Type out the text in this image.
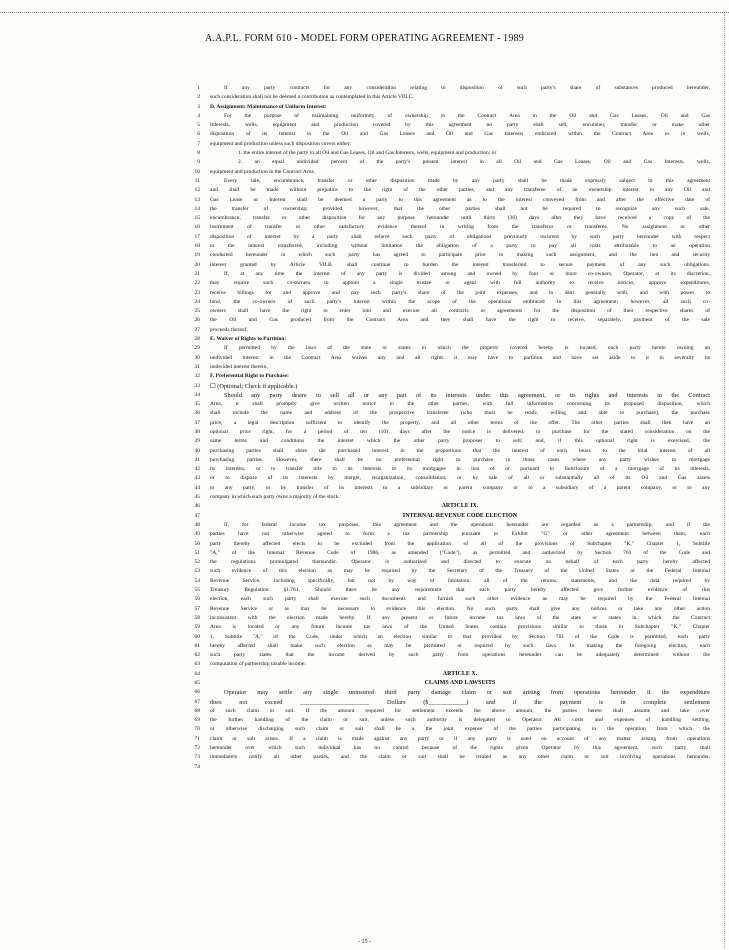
A.A.P.L. FORM 610 - MODEL FORM OPERATING AGREEMENT - 1989
1	If any party contracts for any consideration relating to disposition of such party's share of substances produced hereunder,
2 such consideration shall not be deemed a contribution as contemplated in this Article VIII.C.
3 D. Assignment; Maintenance of Uniform Interest:
4	For the purpose of maintaining uniformity of ownership in the Contract Area in the Oil and Gas Leases, Oil and Gas
5 Interests, wells, equipment and production covered by this agreement no party shall sell, encumber, transfer or make other
6 disposition of its interest in the Oil and Gas Leases and Oil and Gas Interests embraced within the Contract Area or in wells,
7 equipment and production unless such disposition covers either:
8	1. the entire interest of the party in all Oil and Gas Leases, Oil and Gas Interests, wells, equipment and production; or
9	2. an equal undivided percent of the party's present interest in all Oil and Gas Leases, Oil and Gas Interests, wells,
10 equipment and production in the Contract Area.
11	Every sale, encumbrance, transfer or other disposition made by any party shall be made expressly subject to this agreement
12 and shall be made without prejudice to the right of the other parties, and any transferee of an ownership interest in any Oil and
13 Gas Lease or Interest shall be deemed a party to this agreement as to the interest conveyed from and after the effective date of
14 the transfer of ownership; provided, however, that the other parties shall not be required to recognize any such sale,
15 encumbrance, transfer or other disposition for any purpose hereunder until thirty (30) days after they have received a copy of the
16 instrument of transfer or other satisfactory evidence thereof in writing from the transferor or transferee. No assignment or other
17 disposition of interest by a party shall relieve such party of obligations previously incurred by such party hereunder with respect
18 to the interest transferred, including without limitation the obligation of a party to pay all costs attributable to an operation
19 conducted hereunder in which such party has agreed to participate prior to making such assignment, and the lien and security
20 interest granted by Article VII.B. shall continue to burden the interest transferred to secure payment of any such obligations.
21	If, at any time the interest of any party is divided among and owned by four or more co-owners, Operator, at its discretion,
22 may require such co-owners to appoint a single trustee or agent with full authority to receive notices, approve expenditures,
23 receive billings for and approve and pay such party's share of the joint expenses, and to deal generally with, and with power to
24 bind, the co-owners of such party's interest within the scope of the operations embraced in this agreement; however, all such co-
25 owners shall have the right to enter into and execute all contracts or agreements for the disposition of their respective shares of
26 the Oil and Gas produced from the Contract Area and they shall have the right to receive, separately, payment of the sale
27 proceeds thereof.
28 E. Waiver of Rights to Partition:
29	If permitted by the laws of the state or states in which the property covered hereby is located, each party hereto owning an
30 undivided interest in the Contract Area waives any and all rights it may have to partition and have set aside to it in severalty its
31 undivided interest therein.
32 F. Preferential Right to Purchase:
33 ☐ (Optional; Check if applicable.)
34	Should any party desire to sell all or any part of its interests under this agreement, or its rights and interests in the Contract
35 Area, it shall promptly give written notice to the other parties, with full information concerning its proposed disposition, which
36 shall include the name and address of the prospective transferee (who must be ready, willing and able to purchase), the purchase
37 price, a legal description sufficient to identify the property, and all other terms of the offer. The other parties shall then have an
38 optional prior right, for a period of ten (10) days after the notice is delivered, to purchase for the stated consideration on the
39 same terms and conditions the interest which the other party proposes to sell; and, if this optional right is exercised, the
40 purchasing parties shall share the purchased interest in the proportions that the interest of each bears to the total interest of all
41 purchasing parties. However, there shall be no preferential right to purchase in those cases where any party wishes to mortgage
42 its interests, or to transfer title to its interests to its mortgagee in lieu of or pursuant to foreclosure of a mortgage of its interests,
43 or to dispose of its interests by merger, reorganization, consolidation, or by sale of all or substantially all of its Oil and Gas assets
44 to any party, or by transfer of its interests to a subsidiary or parent company or to a subsidiary of a parent company, or to any
45 company in which such party owns a majority of the stock.
46	ARTICLE IX.
47	INTERNAL REVENUE CODE ELECTION
48	If, for federal income tax purposes, this agreement and the operations hereunder are regarded as a partnership, and if the
49 parties have not otherwise agreed to form a tax partnership pursuant to Exhibit "G" or other agreement between them, each
50 party thereby affected elects to be excluded from the application of all of the provisions of Subchapter "K," Chapter 1, Subtitle
51 "A," of the Internal Revenue Code of 1986, as amended ("Code"), as permitted and authorized by Section 761 of the Code and
52 the regulations promulgated thereunder. Operator is authorized and directed to execute on behalf of each party hereby affected
53 such evidence of this election as may be required by the Secretary of the Treasury of the United States or the Federal Internal
54 Revenue Service, including specifically, but not by way of limitation, all of the returns, statements, and the data required by
55 Treasury Regulation §1.761. Should there be any requirement that each party hereby affected give further evidence of this
56 election, each such party shall execute such documents and furnish such other evidence as may be required by the Federal Internal
57 Revenue Service or as may be necessary to evidence this election. No such party shall give any notices or take any other action
58 inconsistent with the election made hereby. If any present or future income tax laws of the state or states in which the Contract
59 Area is located or any future income tax laws of the United States contain provisions similar to those in Subchapter "K," Chapter
60 1, Subtitle "A," of the Code, under which an election similar to that provided by Section 761 of the Code is permitted, each party
61 hereby affected shall make such election as may be permitted or required by such laws. In making the foregoing election, each
62 such party states that the income derived by such party from operations hereunder can be adequately determined without the
63 computation of partnership taxable income.
64	ARTICLE X.
65	CLAIMS AND LAWSUITS
66	Operator may settle any single uninsured third party damage claim or suit arising from operations hereunder if the expenditure
67 does not exceed ______________________ Dollars ($____________) and if the payment is in complete settlement
68 of such claim or suit. If the amount required for settlement exceeds the above amount, the parties hereto shall assume and take over
69 the further handling of the claim or suit, unless such authority is delegated to Operator. All costs and expenses of handling settling,
70 or otherwise discharging such claim or suit shall be a the joint expense of the parties participating in the operation from which the
71 claim or suit arises. If a claim is made against any party or if any party is sued on account of any matter arising from operations
72 hereunder over which such individual has no control because of the rights given Operator by this agreement, such party shall
73 immediately notify all other parties, and the claim or suit shall be treated as any other claim or suit involving operations hereunder.
74
- 15 -
